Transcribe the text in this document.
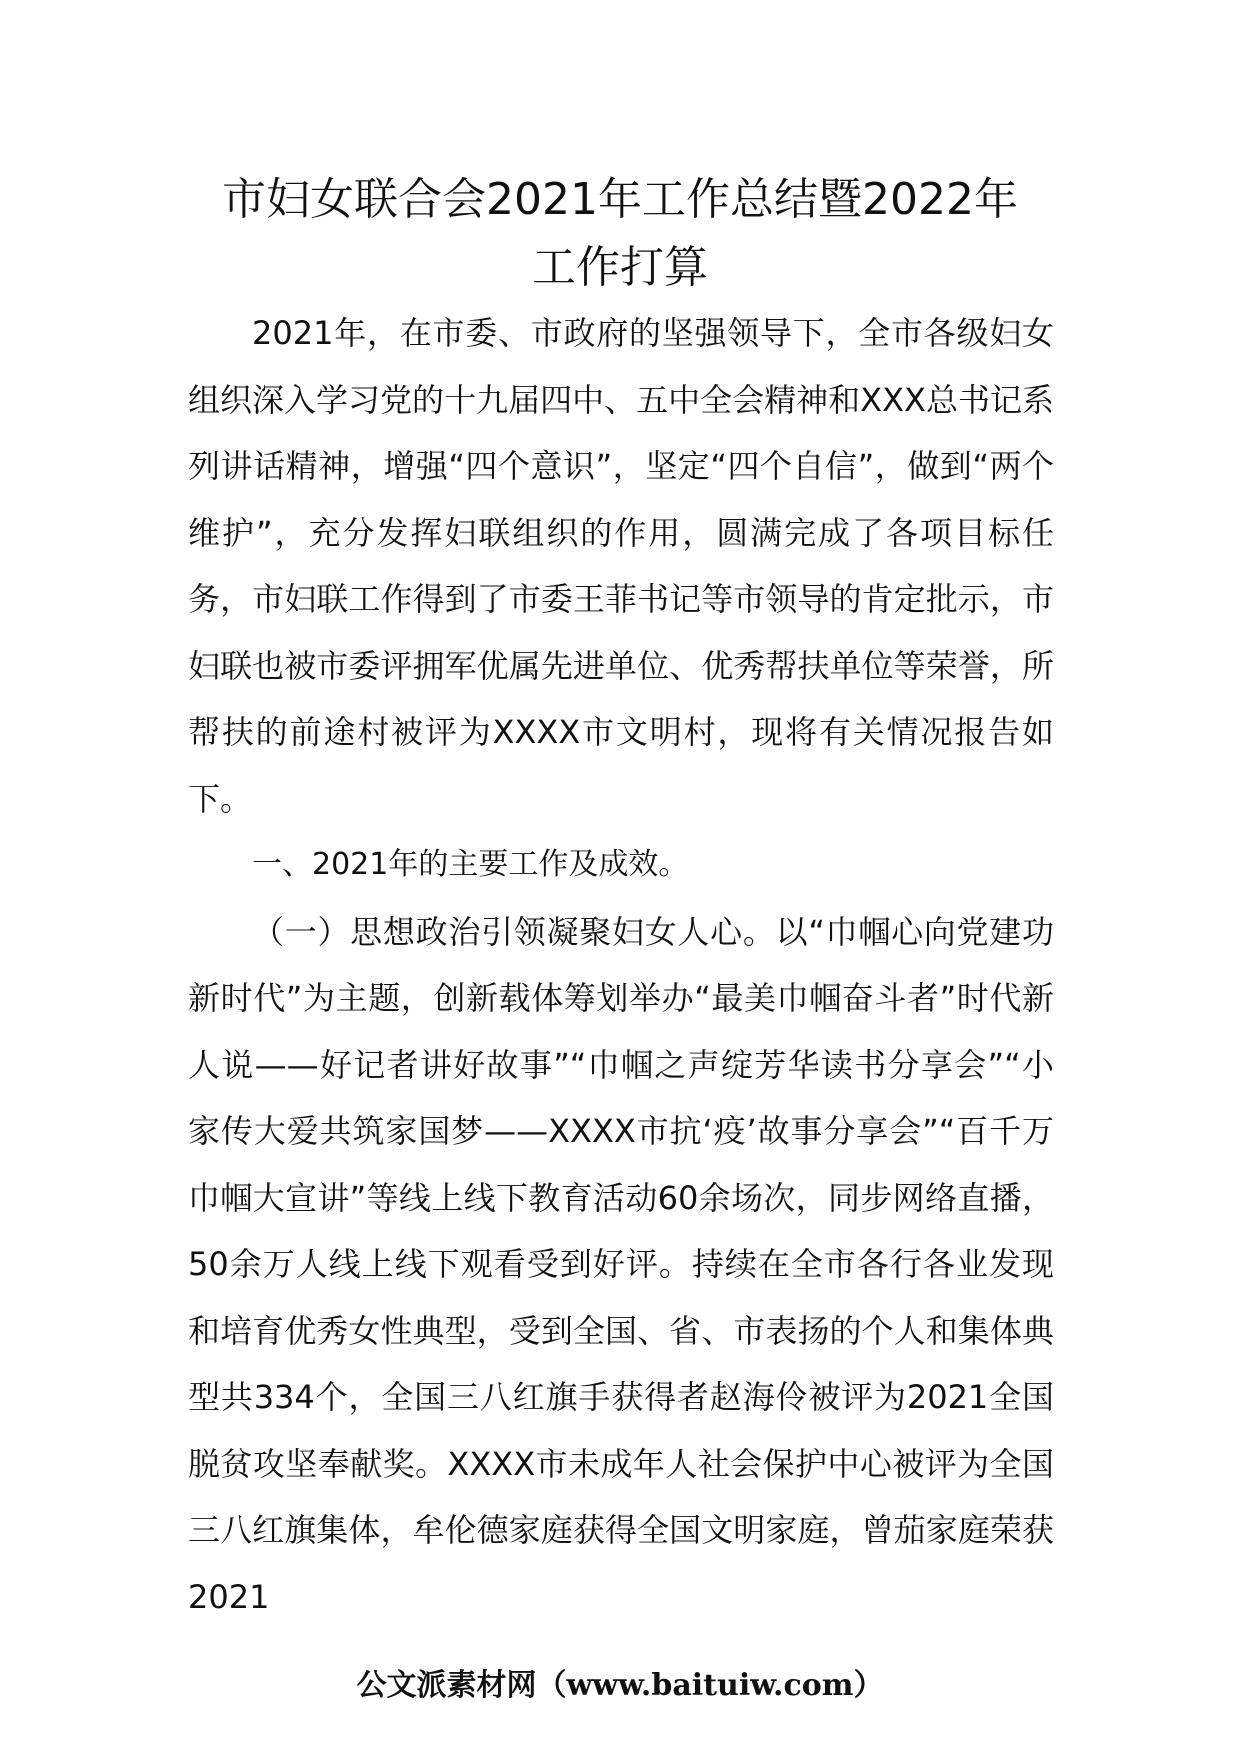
市妇女联合会2021年工作总结暨2022年
工作打算

2021年，在市委、市政府的坚强领导下，全市各级妇女组织深入学习党的十九届四中、五中全会精神和XXX总书记系列讲话精神，增强“四个意识”，坚定“四个自信”，做到“两个维护”，充分发挥妇联组织的作用，圆满完成了各项目标任务，市妇联工作得到了市委王菲书记等市领导的肯定批示，市妇联也被市委评拥军优属先进单位、优秀帮扶单位等荣誉，所帮扶的前途村被评为XXXX市文明村，现将有关情况报告如下。

一、2021年的主要工作及成效。

（一）思想政治引领凝聚妇女人心。以“巾帼心向党建功新时代”为主题，创新载体筹划举办“最美巾帼奋斗者”时代新人说——好记者讲好故事”“巾帼之声绽芳华读书分享会”“小家传大爱共筑家国梦——XXXX市抗‘疫’故事分享会”“百千万巾帼大宣讲”等线上线下教育活动60余场次，同步网络直播，50余万人线上线下观看受到好评。持续在全市各行各业发现和培育优秀女性典型，受到全国、省、市表扬的个人和集体典型共334个，全国三八红旗手获得者赵海伶被评为2021全国脱贫攻坚奉献奖。XXXX市未成年人社会保护中心被评为全国三八红旗集体，牟伦德家庭获得全国文明家庭，曾茄家庭荣获2021

公文派素材网（www.baituiw.com）
